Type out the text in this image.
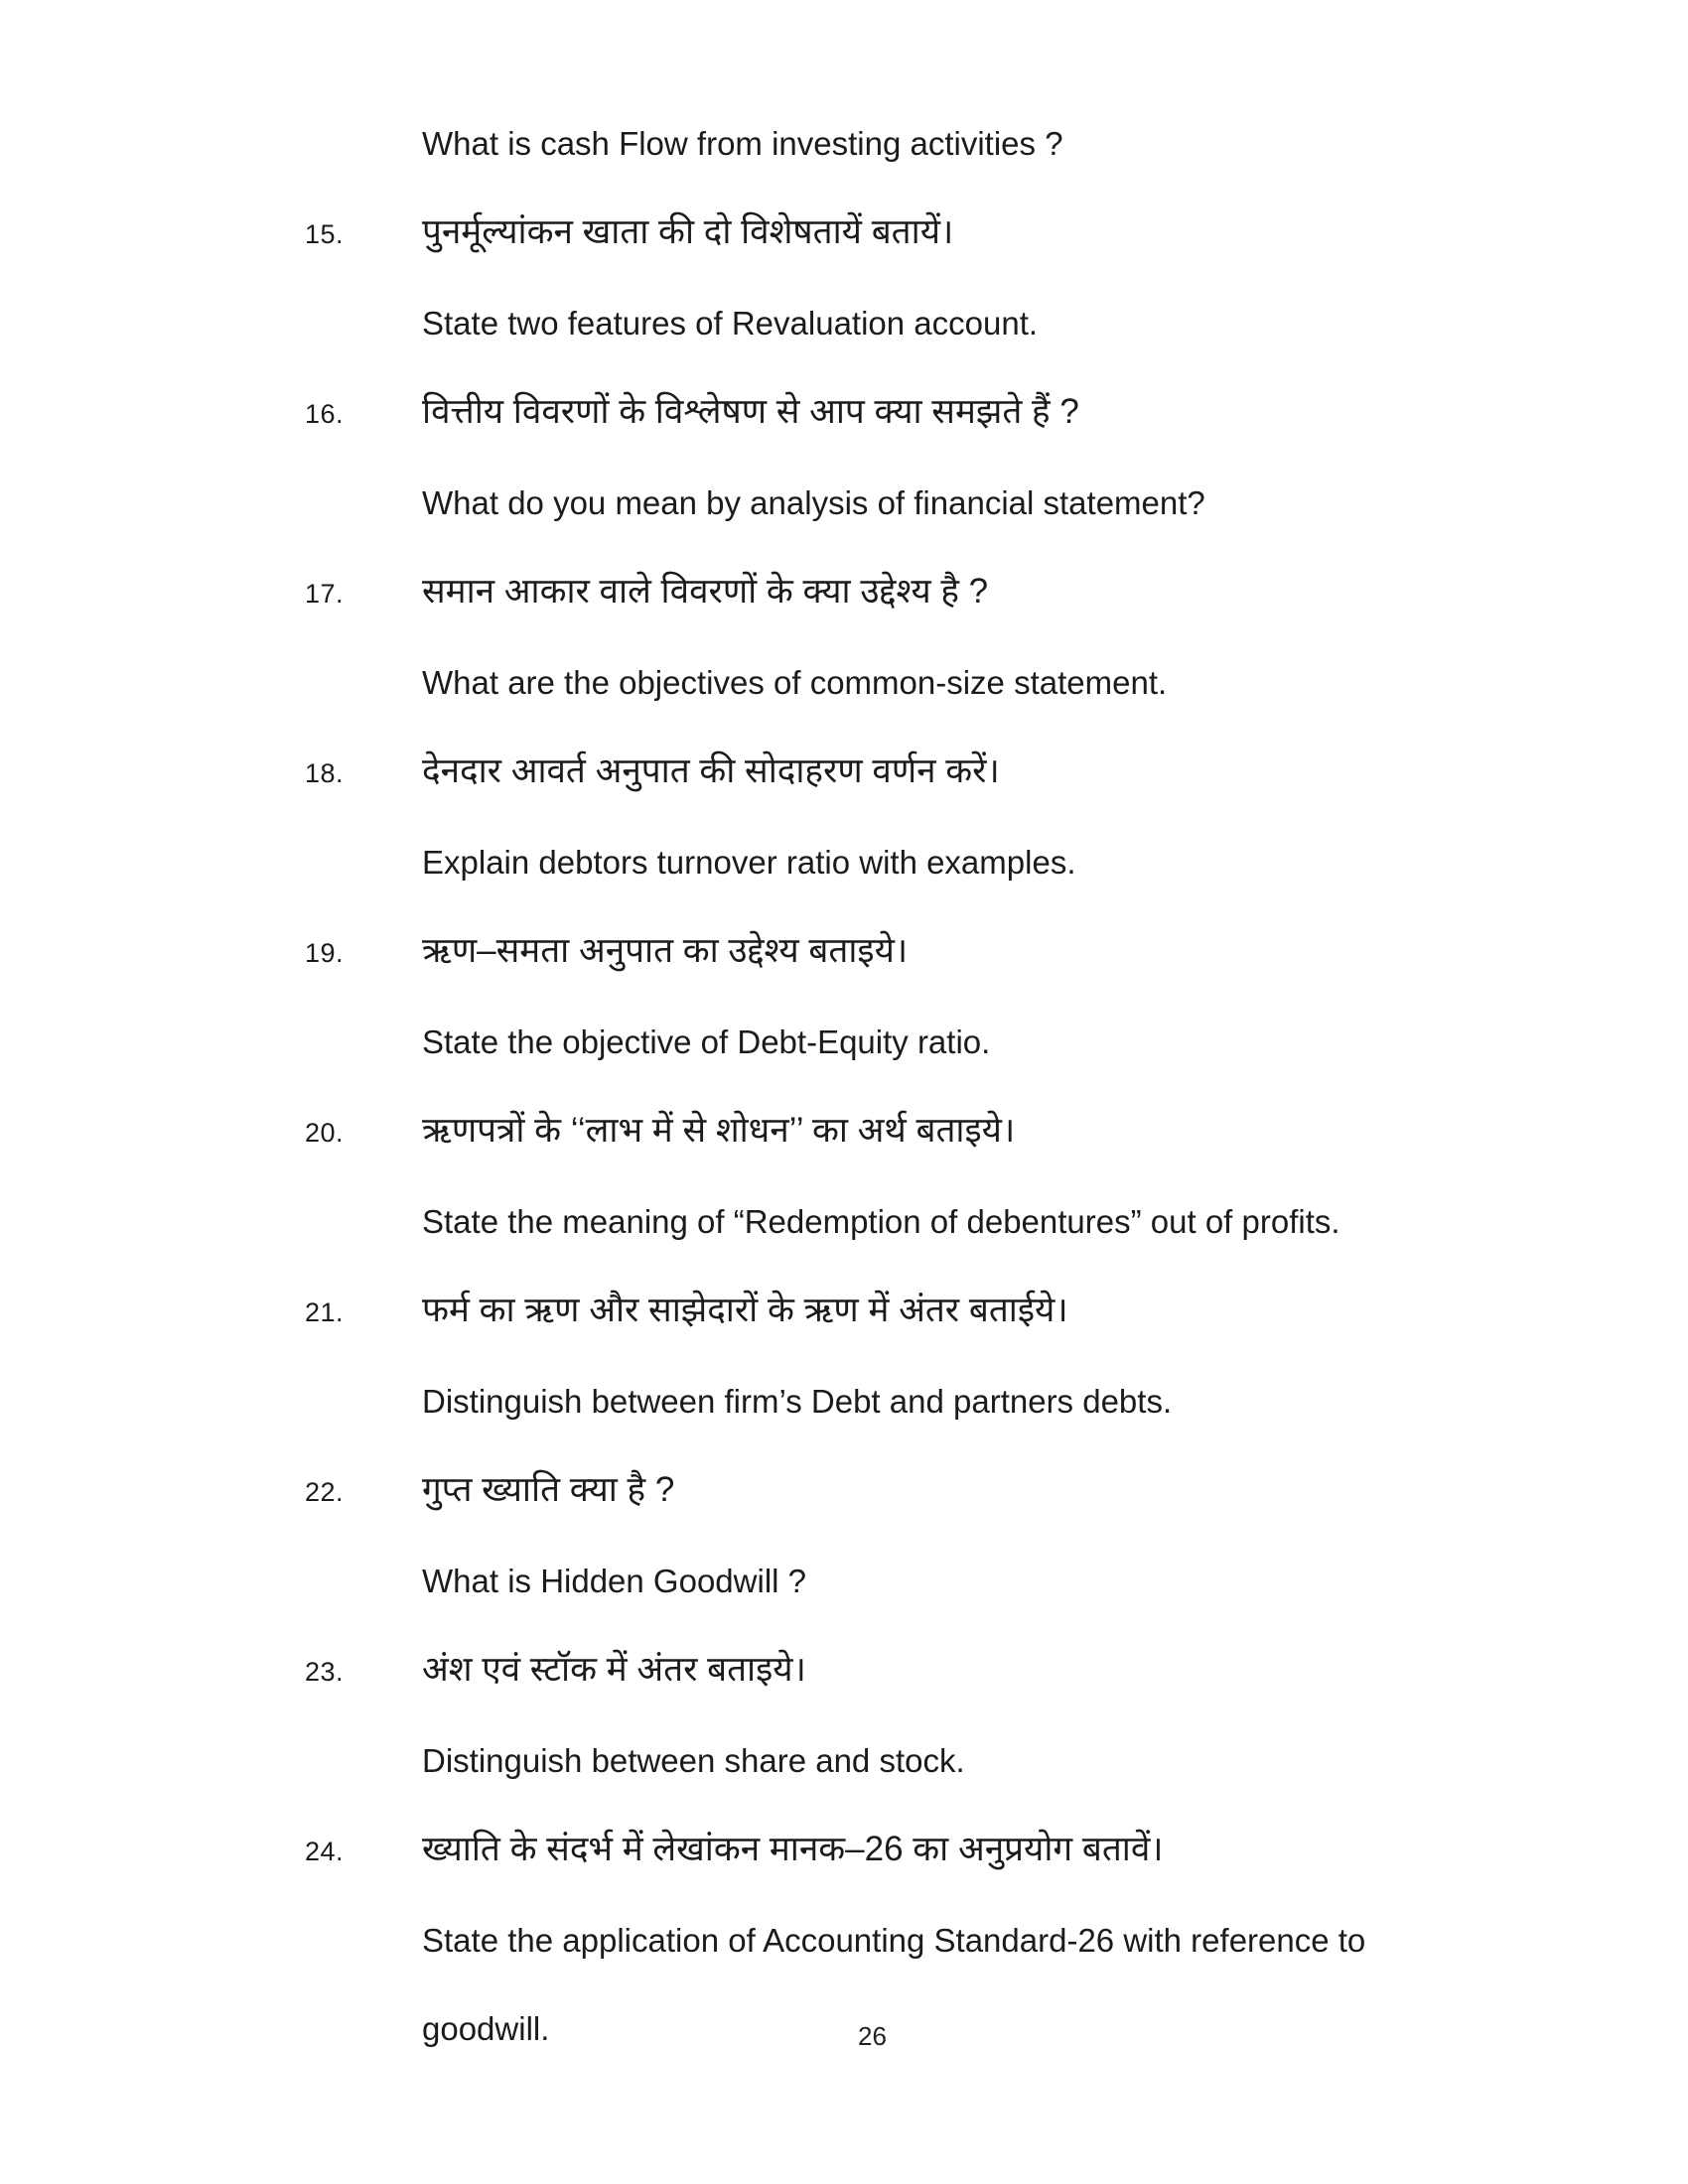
What is cash Flow from investing activities ?
15.	पुनर्मूल्यांकन खाता की दो विशेषतायें बतायें।
State two features of Revaluation account.
16.	वित्तीय विवरणों के विश्लेषण से आप क्या समझते हैं ?
What do you mean by analysis of financial statement?
17.	समान आकार वाले विवरणों के क्या उद्देश्य है ?
What are the objectives of common-size statement.
18.	देनदार आवर्त अनुपात की सोदाहरण वर्णन करें।
Explain debtors turnover ratio with examples.
19.	ऋण–समता अनुपात का उद्देश्य बताइये।
State the objective of Debt-Equity ratio.
20.	ऋणपत्रों के ‘‘लाभ में से शोधन’’ का अर्थ बताइये।
State the meaning of “Redemption of debentures” out of profits.
21.	फर्म का ऋण और साझेदारों के ऋण में अंतर बताईये।
Distinguish between firm’s Debt and partners debts.
22.	गुप्त ख्याति क्या है ?
What is Hidden Goodwill ?
23.	अंश एवं स्टॉक में अंतर बताइये।
Distinguish between share and stock.
24.	ख्याति के संदर्भ में लेखांकन मानक–26 का अनुप्रयोग बतावें।
State the application of Accounting Standard-26 with reference to goodwill.	26
